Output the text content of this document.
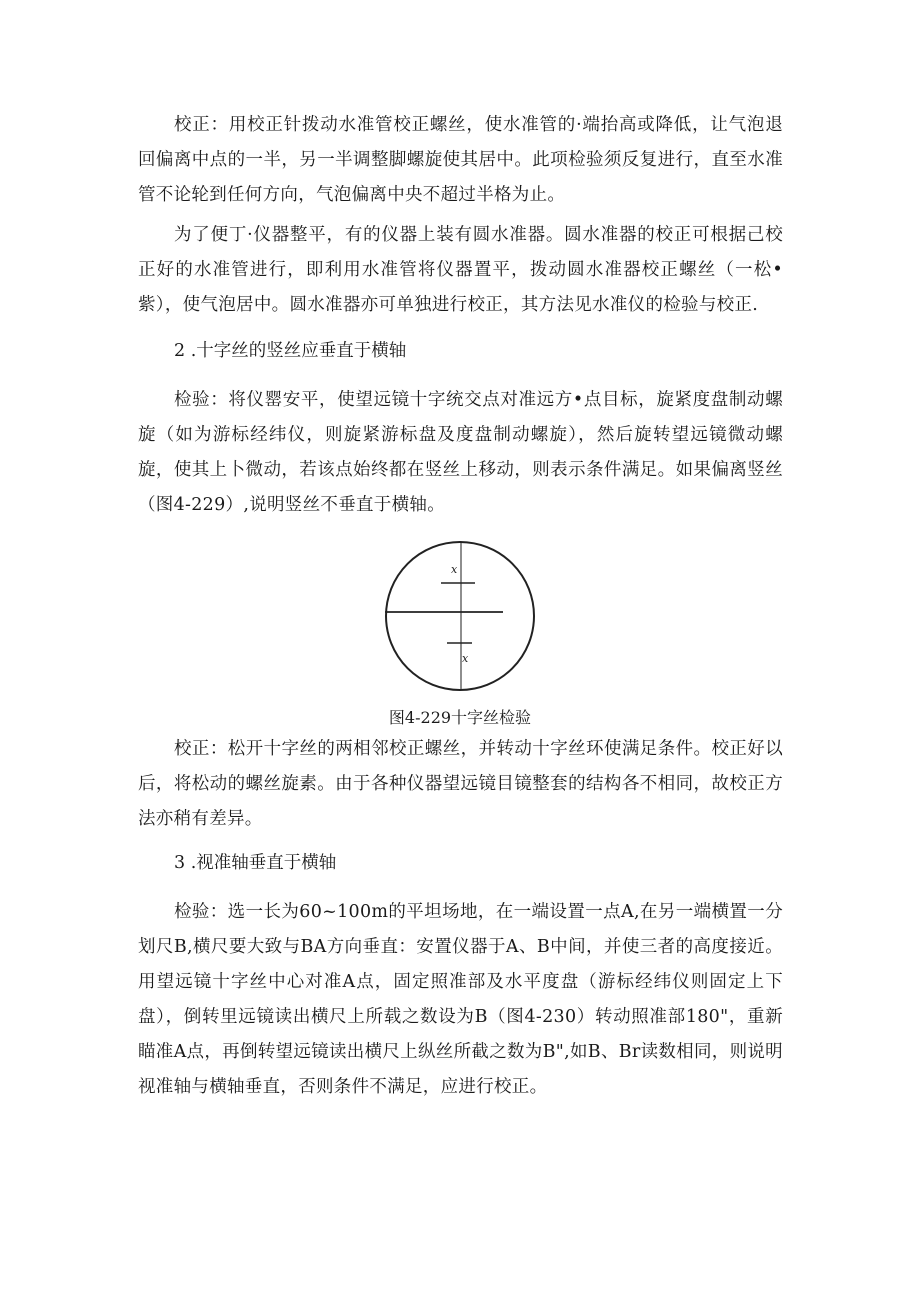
校正：用校正针拨动水准管校正螺丝，使水准管的·端抬高或降低，让气泡退回偏离中点的一半，另一半调整脚螺旋使其居中。此项检验须反复进行，直至水准管不论轮到任何方向，气泡偏离中央不超过半格为止。

为了便丁·仪器整平，有的仪器上装有圆水准器。圆水准器的校正可根据己校正好的水准管进行，即利用水准管将仪器置平，拨动圆水准器校正螺丝（一松•紫），使气泡居中。圆水准器亦可单独进行校正，其方法见水准仪的检验与校正.

2 .十字丝的竖丝应垂直于横轴

检验：将仪罂安平，使望远镜十字统交点对准远方•点目标，旋紧度盘制动螺旋（如为游标经纬仪，则旋紧游标盘及度盘制动螺旋），然后旋转望远镜微动螺旋，使其上卜微动，若该点始终都在竖丝上移动，则表示条件满足。如果偏离竖丝（图4-229）,说明竖丝不垂直于横轴。

x
x

图4-229十字丝检验

校正：松开十字丝的两相邻校正螺丝，并转动十字丝环使满足条件。校正好以后，将松动的螺丝旋素。由于各种仪器望远镜目镜整套的结构各不相同，故校正方法亦稍有差异。

3 .视准轴垂直于横轴

检验：选一长为60~100m的平坦场地，在一端设置一点A,在另一端横置一分划尺B,横尺要大致与BA方向垂直：安置仪器于A、B中间，并使三者的高度接近。用望远镜十字丝中心对准A点，固定照准部及水平度盘（游标经纬仪则固定上下盘），倒转里远镜读出横尺上所载之数设为B（图4-230）转动照准部180"，重新瞄准A点，再倒转望远镜读出横尺上纵丝所截之数为B",如B、Br读数相同，则说明视准轴与横轴垂直，否则条件不满足，应进行校正。
